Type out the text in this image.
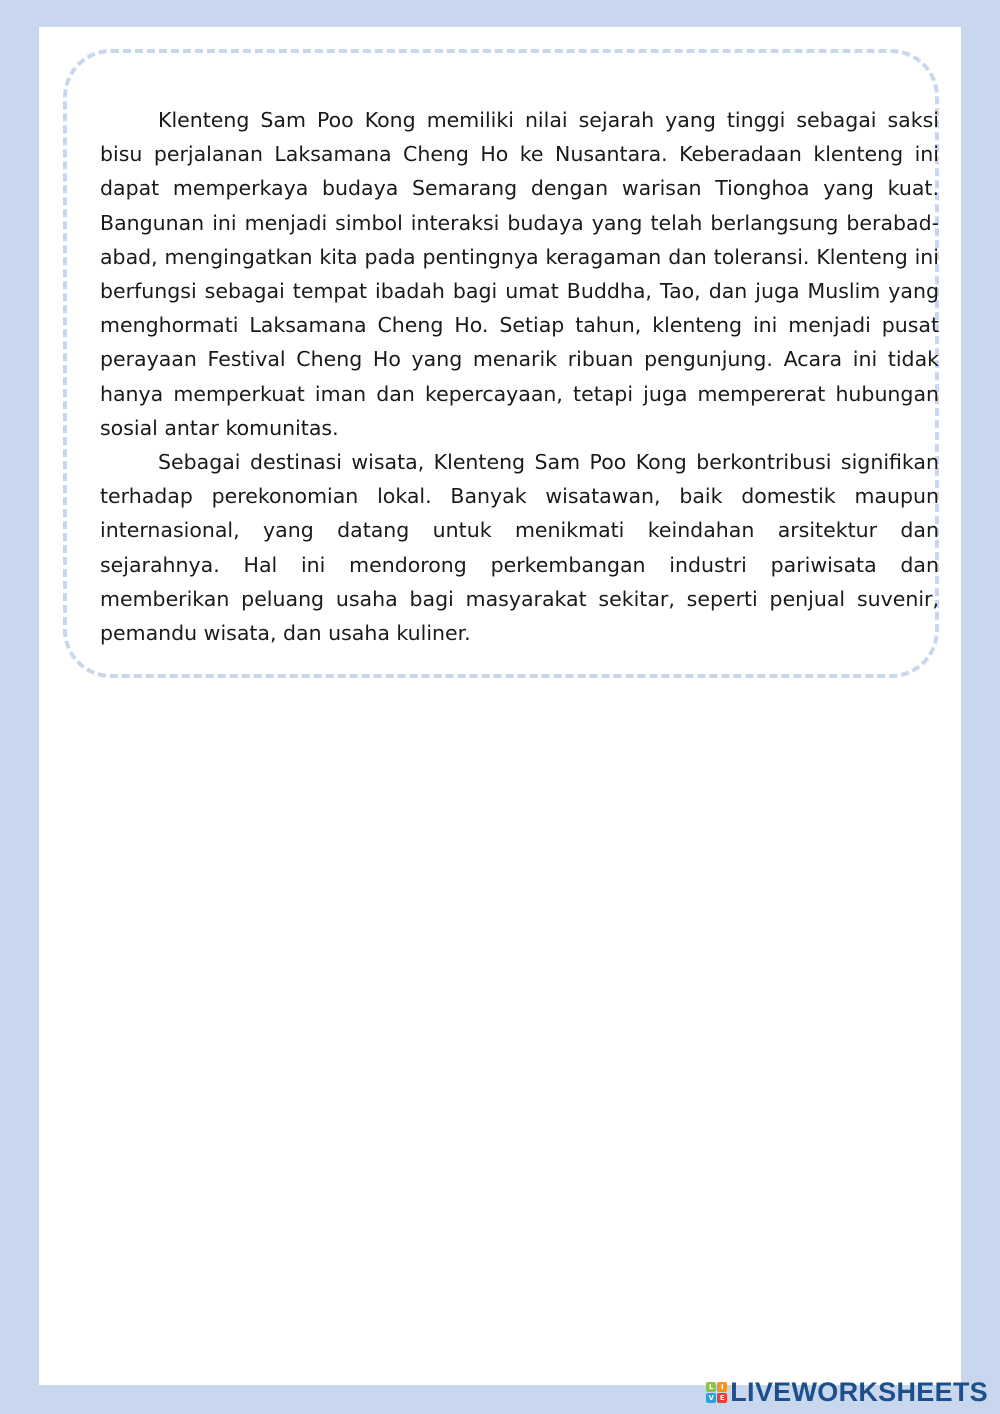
Klenteng Sam Poo Kong memiliki nilai sejarah yang tinggi sebagai saksi bisu perjalanan Laksamana Cheng Ho ke Nusantara. Keberadaan klenteng ini dapat memperkaya budaya Semarang dengan warisan Tionghoa yang kuat. Bangunan ini menjadi simbol interaksi budaya yang telah berlangsung berabad-abad, mengingatkan kita pada pentingnya keragaman dan toleransi. Klenteng ini berfungsi sebagai tempat ibadah bagi umat Buddha, Tao, dan juga Muslim yang menghormati Laksamana Cheng Ho. Setiap tahun, klenteng ini menjadi pusat perayaan Festival Cheng Ho yang menarik ribuan pengunjung. Acara ini tidak hanya memperkuat iman dan kepercayaan, tetapi juga mempererat hubungan sosial antar komunitas.

Sebagai destinasi wisata, Klenteng Sam Poo Kong berkontribusi signifikan terhadap perekonomian lokal. Banyak wisatawan, baik domestik maupun internasional, yang datang untuk menikmati keindahan arsitektur dan sejarahnya. Hal ini mendorong perkembangan industri pariwisata dan memberikan peluang usaha bagi masyarakat sekitar, seperti penjual suvenir, pemandu wisata, dan usaha kuliner.

L	I
V E LIVEWORKSHEETS
